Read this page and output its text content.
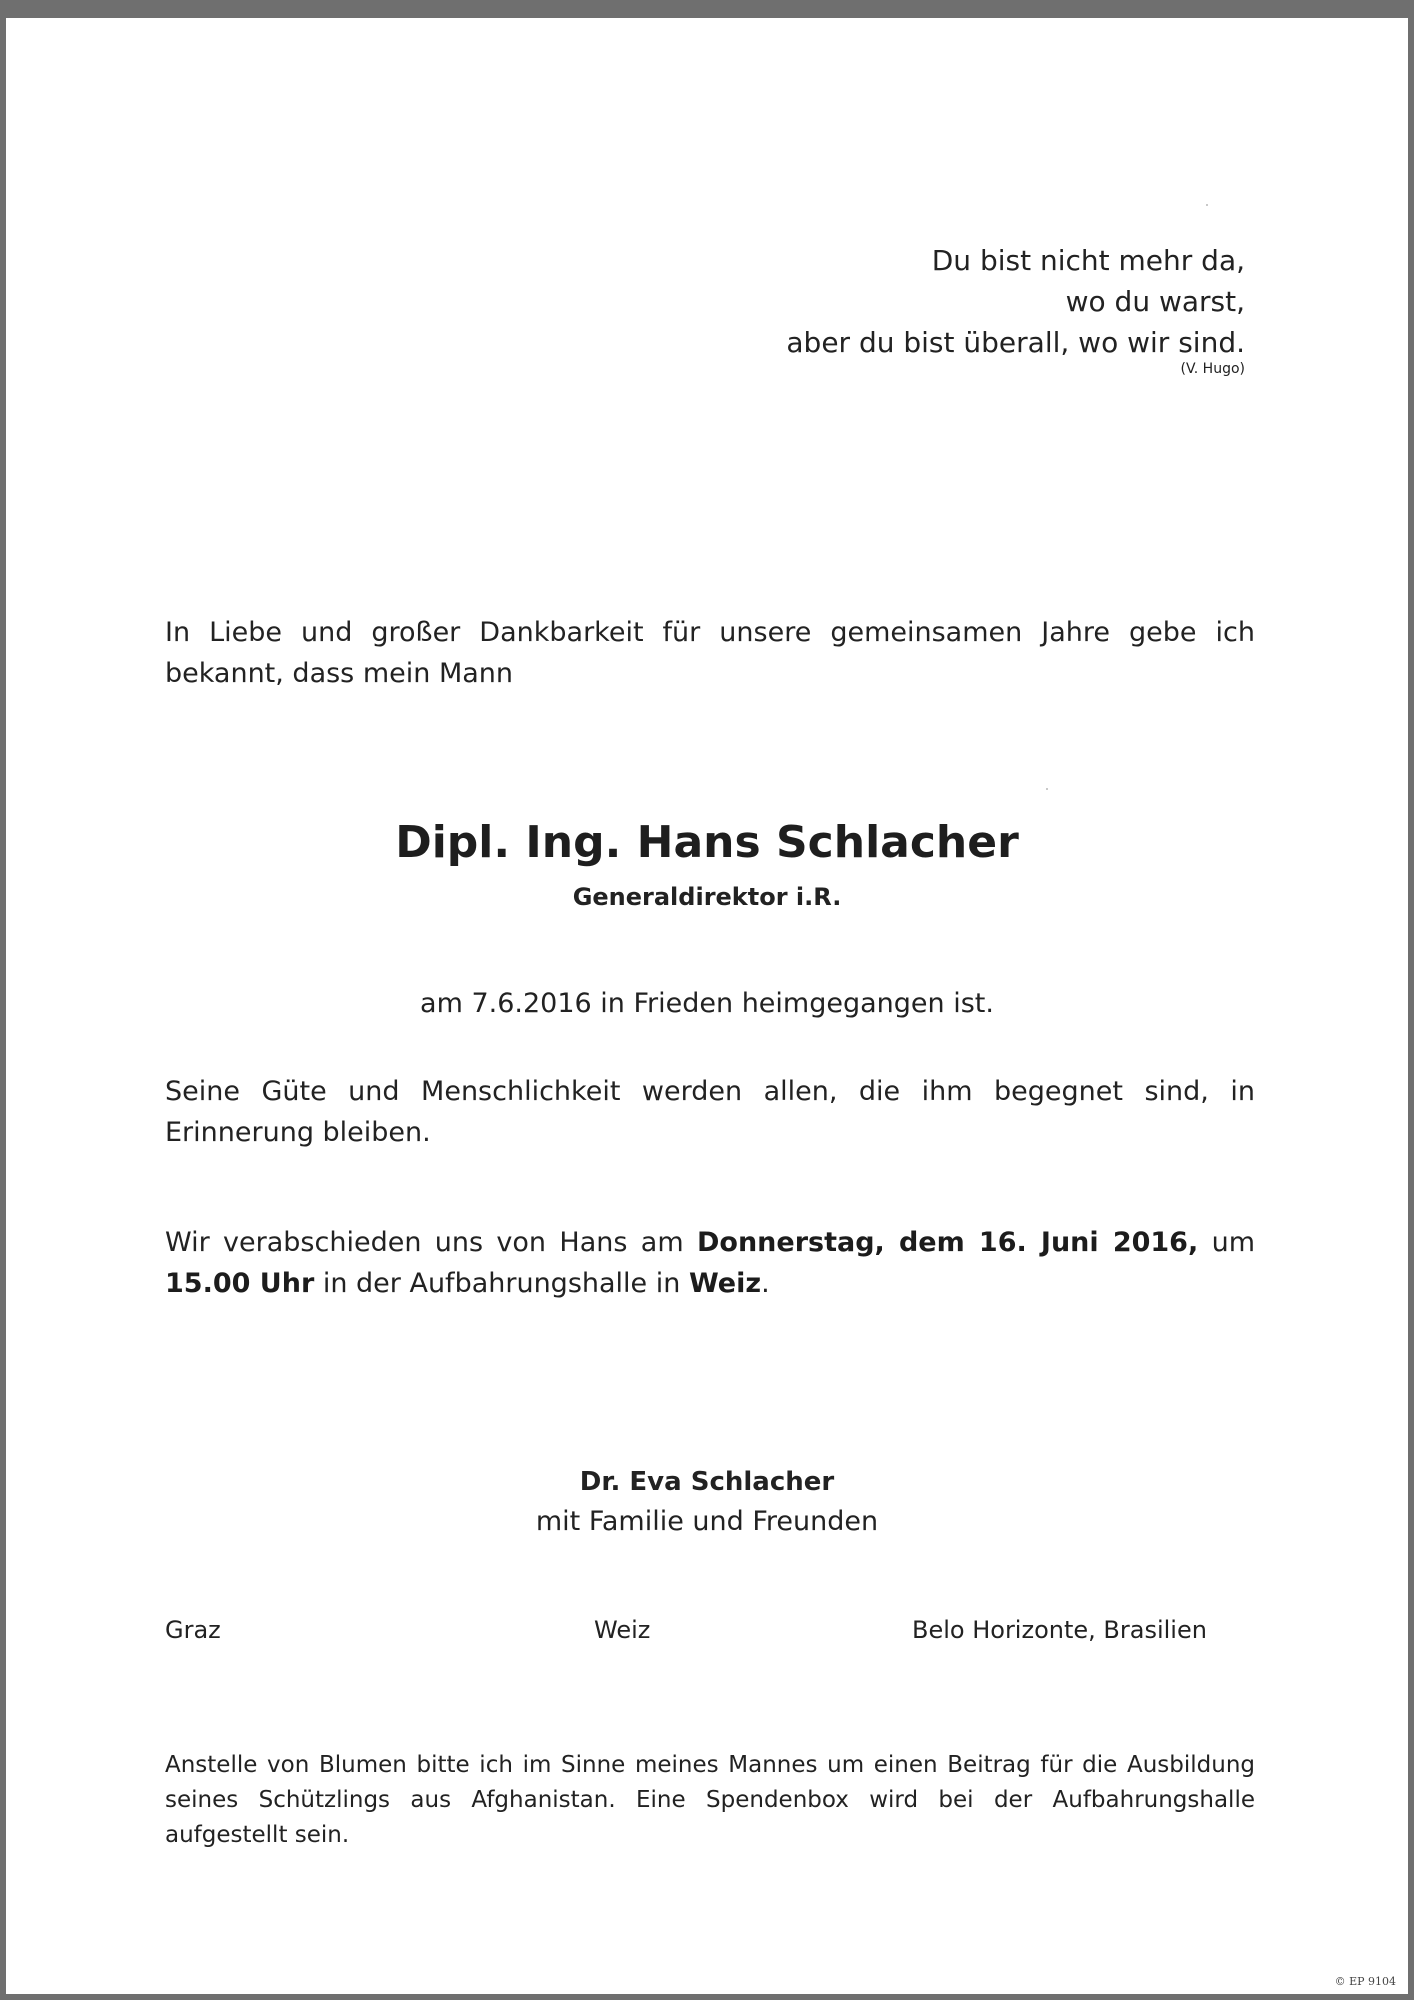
Du bist nicht mehr da,
wo du warst,
aber du bist überall, wo wir sind.
(V. Hugo)
In Liebe und großer Dankbarkeit für unsere gemeinsamen Jahre gebe ich bekannt, dass mein Mann
Dipl. Ing. Hans Schlacher
Generaldirektor i.R.
am 7.6.2016 in Frieden heimgegangen ist.
Seine Güte und Menschlichkeit werden allen, die ihm begegnet sind, in Erinnerung bleiben.
Wir verabschieden uns von Hans am Donnerstag, dem 16. Juni 2016, um 15.00 Uhr in der Aufbahrungshalle in Weiz.
Dr. Eva Schlacher
mit Familie und Freunden
Graz	Weiz	Belo Horizonte, Brasilien
Anstelle von Blumen bitte ich im Sinne meines Mannes um einen Beitrag für die Ausbildung seines Schützlings aus Afghanistan. Eine Spendenbox wird bei der Aufbahrungshalle aufgestellt sein.
© EP 9104
